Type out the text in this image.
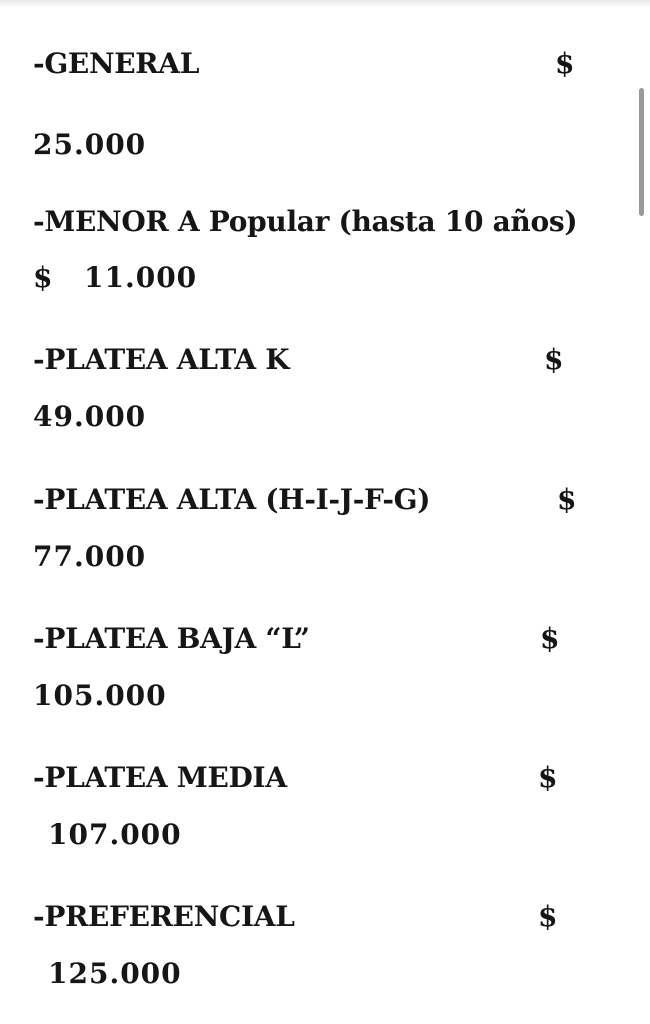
-GENERAL	$
25.000
-MENOR A Popular (hasta 10 años)
$ 11.000
-PLATEA ALTA K	$
49.000
-PLATEA ALTA (H-I-J-F-G)	$
77.000
-PLATEA BAJA “L”	$
105.000
-PLATEA MEDIA	$
107.000
-PREFERENCIAL	$
125.000
